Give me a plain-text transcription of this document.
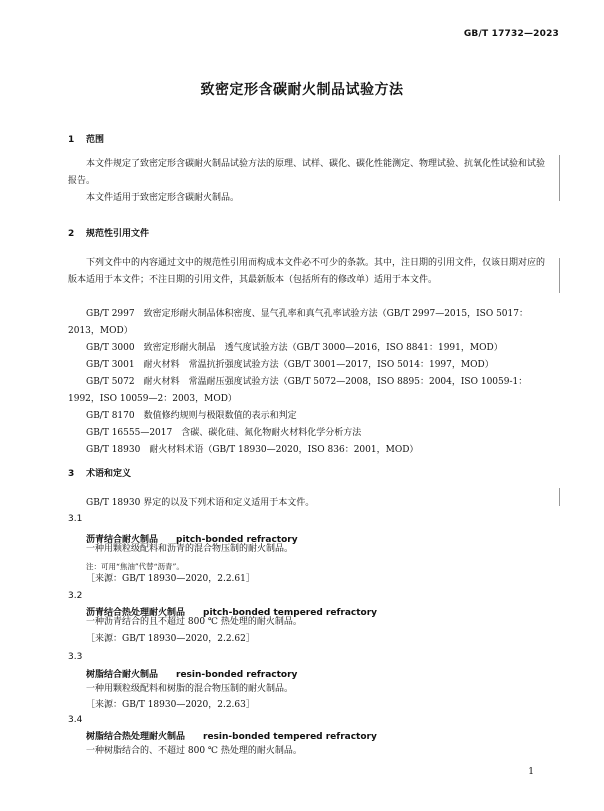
GB/T 17732—2023
致密定形含碳耐火制品试验方法
1 范围
本文件规定了致密定形含碳耐火制品试验方法的原理、试样、碳化、碳化性能测定、物理试验、抗氧化性试验和试验报告。
本文件适用于致密定形含碳耐火制品。
2 规范性引用文件
下列文件中的内容通过文中的规范性引用而构成本文件必不可少的条款。其中，注日期的引用文件，仅该日期对应的版本适用于本文件；不注日期的引用文件，其最新版本（包括所有的修改单）适用于本文件。
GB/T 2997　致密定形耐火制品体积密度、显气孔率和真气孔率试验方法（GB/T 2997—2015，ISO 5017：2013，MOD）
GB/T 3000　致密定形耐火制品　透气度试验方法（GB/T 3000—2016，ISO 8841：1991，MOD）
GB/T 3001　耐火材料　常温抗折强度试验方法（GB/T 3001—2017，ISO 5014：1997，MOD）
GB/T 5072　耐火材料　常温耐压强度试验方法（GB/T 5072—2008，ISO 8895：2004，ISO 10059-1：1992，ISO 10059—2：2003，MOD）
GB/T 8170　数值修约规则与极限数值的表示和判定
GB/T 16555—2017　含碳、碳化硅、氮化物耐火材料化学分析方法
GB/T 18930　耐火材料术语（GB/T 18930—2020，ISO 836：2001，MOD）
3 术语和定义
GB/T 18930 界定的以及下列术语和定义适用于本文件。
3.1
沥青结合耐火制品 pitch-bonded refractory
一种用颗粒级配料和沥青的混合物压制的耐火制品。
注：可用“焦油”代替“沥青”。
［来源：GB/T 18930—2020，2.2.61］
3.2
沥青结合热处理耐火制品 pitch-bonded tempered refractory
一种沥青结合的且不超过 800 ℃ 热处理的耐火制品。
［来源：GB/T 18930—2020，2.2.62］
3.3
树脂结合耐火制品 resin-bonded refractory
一种用颗粒级配料和树脂的混合物压制的耐火制品。
［来源：GB/T 18930—2020，2.2.63］
3.4
树脂结合热处理耐火制品 resin-bonded tempered refractory
一种树脂结合的、不超过 800 ℃ 热处理的耐火制品。
1
